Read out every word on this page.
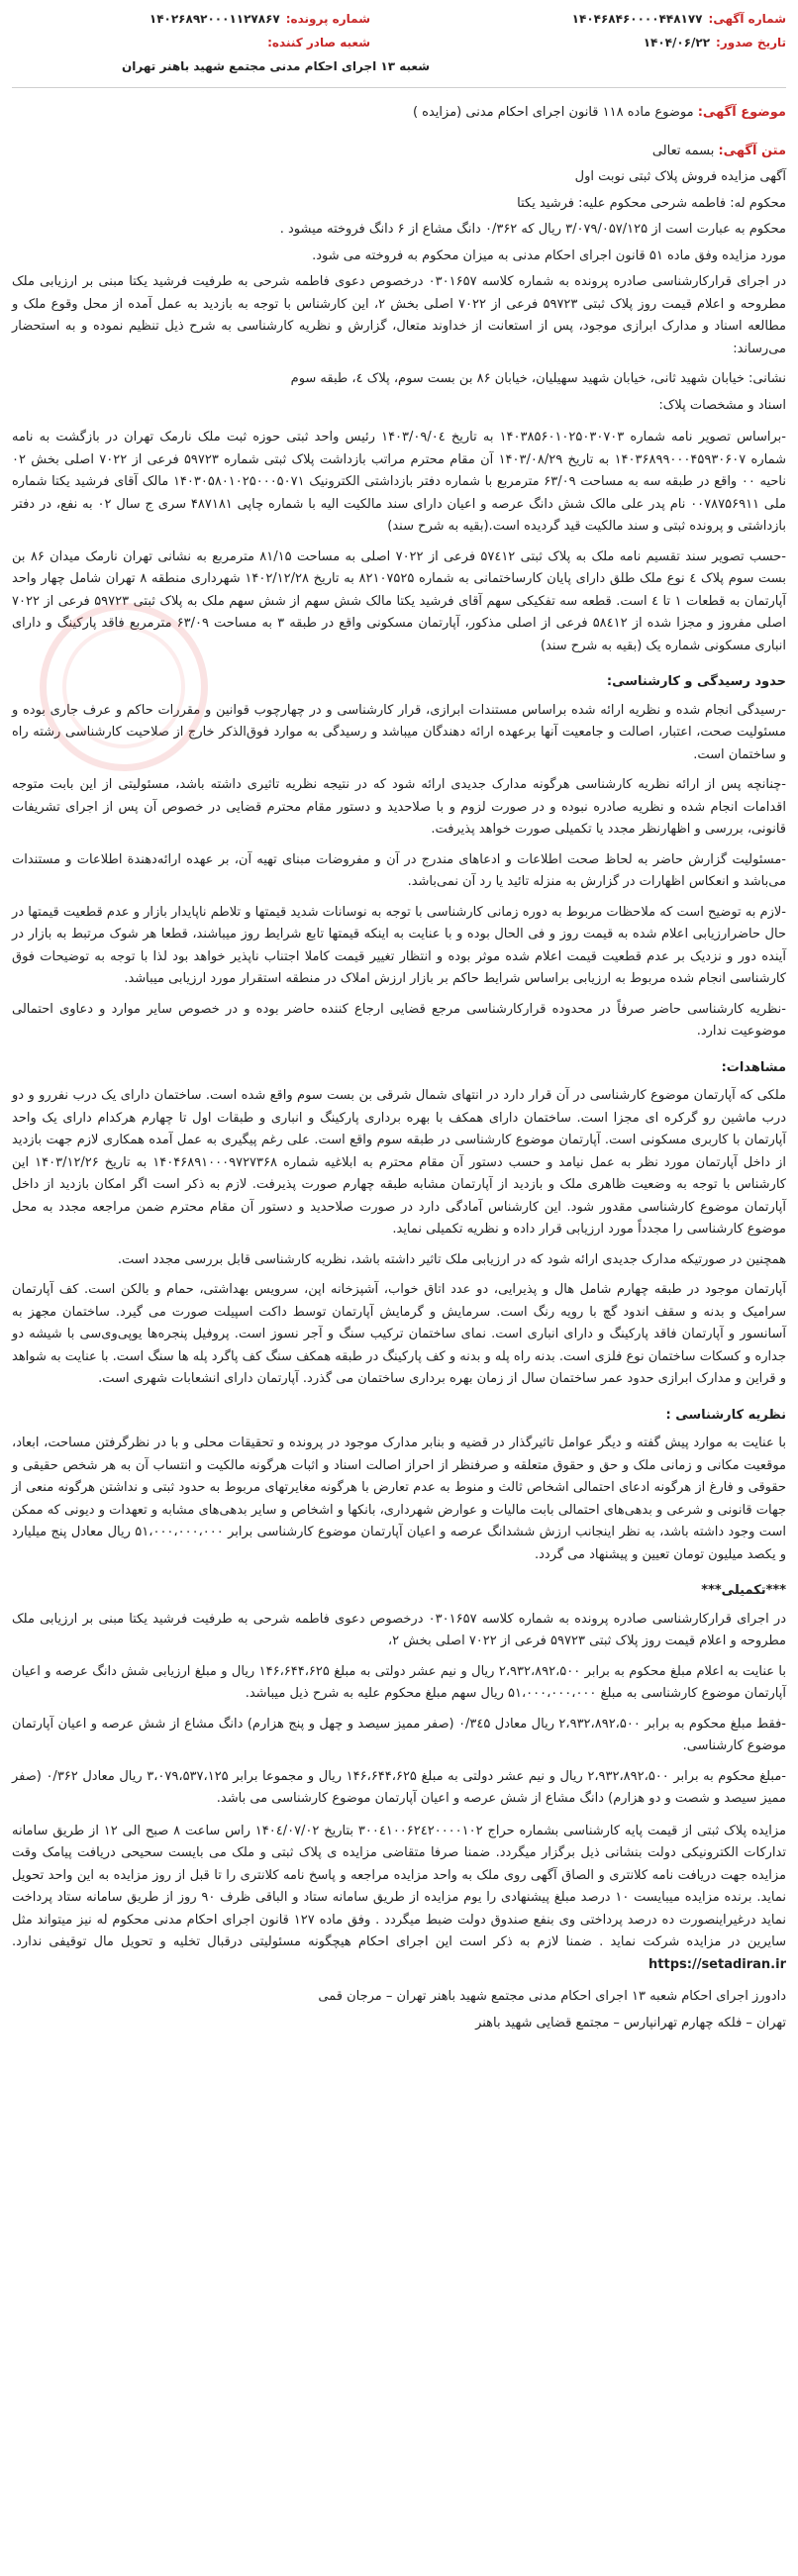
شماره آگهی:
۱۴۰۴۶۸۴۶۰۰۰۰۴۴۸۱۷۷
شماره پرونده:
۱۴۰۲۶۸۹۲۰۰۰۱۱۲۷۸۶۷
تاریخ صدور:
۱۴۰۴/۰۶/۲۲
شعبه صادر کننده:
شعبه ۱۳ اجرای احکام مدنی مجتمع شهید باهنر تهران
موضوع آگهی: موضوع ماده ۱۱۸ قانون اجرای احکام مدنی (مزایده )

متن آگهی: بسمه تعالی

آگهی مزایده فروش پلاک ثبتی نوبت اول

محکوم له: فاطمه شرحی محکوم علیه: فرشید یکتا

محکوم به عبارت است از ۳/۰۷۹/۰۵۷/۱۲۵ ریال که ۰/۳۶۲ دانگ مشاع از ۶ دانگ فروخته میشود .

مورد مزایده وفق ماده ۵۱ قانون اجرای احکام مدنی به میزان محکوم به فروخته می شود.

در اجرای قرارکارشناسی صادره پرونده به شماره کلاسه ۰۳۰۱۶۵۷ درخصوص دعوی فاطمه شرحی به طرفیت فرشید یکتا مبنی بر ارزیابی ملک مطروحه و اعلام قیمت روز پلاک ثبتی ۵۹۷۲۳ فرعی از ۷۰۲۲ اصلی بخش ۲، این کارشناس با توجه به بازدید به عمل آمده از محل وقوع ملک و مطالعه اسناد و مدارک ابرازی موجود، پس از استعانت از خداوند متعال، گزارش و نظریه کارشناسی به شرح ذیل تنظیم نموده و به استحضار می‌رساند:

نشانی: خیابان شهید ثانی، خیابان شهید سهیلیان، خیابان ۸۶ بن بست سوم، پلاک ٤، طبقه سوم

اسناد و مشخصات پلاک:

-براساس تصویر نامه شماره ۱۴۰۳۸۵۶۰۱۰۲۵۰۳۰۷۰۳ به تاریخ ۱۴۰۳/۰۹/۰٤ رئیس واحد ثبتی حوزه ثبت ملک نارمک تهران در بازگشت به نامه شماره ۱۴۰۳۶۸۹۹۰۰۰۴۵۹۳۰۶۰۷ به تاریخ ۱۴۰۳/۰۸/۲۹ آن مقام محترم مراتب بازداشت پلاک ثبتی شماره ۵۹۷۲۳ فرعی از ۷۰۲۲ اصلی بخش ۰۲ ناحیه ۰۰ واقع در طبقه سه به مساحت ۶۳/۰۹ مترمربع با شماره دفتر بازداشتی الکترونیک ۱۴۰۳۰۵۸۰۱۰۲۵۰۰۰۵۰۷۱ مالک آقای فرشید یکتا شماره ملی ۰۰۷۸۷۵۶۹۱۱ نام پدر علی مالک شش دانگ عرصه و اعیان دارای سند مالکیت الیه با شماره چاپی ۴۸۷۱۸۱ سری ج سال ۰۲ به نفع، در دفتر بازداشتی و پرونده ثبتی و سند مالکیت قید گردیده است.(بقیه به شرح سند)

-حسب تصویر سند تقسیم نامه ملک به پلاک ثبتی ۵۷٤۱۲ فرعی از ۷۰۲۲ اصلی به مساحت ۸۱/۱۵ مترمربع به نشانی تهران نارمک میدان ۸۶ بن بست سوم پلاک ٤ نوع ملک طلق دارای پایان کارساختمانی به شماره ۸۲۱۰۷۵۲۵ به تاریخ ۱۴۰۲/۱۲/۲۸ شهرداری منطقه ۸ تهران شامل چهار واحد آپارتمان به قطعات ۱ تا ٤ است. قطعه سه تفکیکی سهم آقای فرشید یکتا مالک شش سهم از شش سهم ملک به پلاک ثبتی ۵۹۷۲۳ فرعی از ۷۰۲۲ اصلی مفروز و مجزا شده از ۵۸٤۱۲ فرعی از اصلی مذکور، آپارتمان مسکونی واقع در طبقه ۳ به مساحت ۶۳/۰۹ مترمربع فاقد پارکینگ و دارای انباری مسکونی شماره یک (بقیه به شرح سند)

حدود رسیدگی و کارشناسی:

-رسیدگی انجام شده و نظریه ارائه شده براساس مستندات ابرازی، قرار کارشناسی و در چهارچوب قوانین و مقررات حاکم و عرف جاری بوده و مسئولیت صحت، اعتبار، اصالت و جامعیت آنها برعهده ارائه دهندگان میباشد و رسیدگی به موارد فوق‌الذکر خارج از صلاحیت کارشناسی رشته راه و ساختمان است.

-چنانچه پس از ارائه نظریه کارشناسی هرگونه مدارک جدیدی ارائه شود که در نتیجه نظریه تاثیری داشته باشد، مسئولیتی از این بابت متوجه اقدامات انجام شده و نظریه صادره نبوده و در صورت لزوم و با صلاحدید و دستور مقام محترم قضایی در خصوص آن پس از اجرای تشریفات قانونی، بررسی و اظهارنظر مجدد یا تکمیلی صورت خواهد پذیرفت.

-مسئولیت گزارش حاضر به لحاظ صحت اطلاعات و ادعاهای مندرج در آن و مفروضات مبنای تهیه آن، بر عهده ارائه‌دهندة اطلاعات و مستندات می‌باشد و انعکاس اظهارات در گزارش به منزله تائید یا رد آن نمی‌باشد.

-لازم به توضیح است که ملاحظات مربوط به دوره زمانی کارشناسی با توجه به نوسانات شدید قیمتها و تلاطم ناپایدار بازار و عدم قطعیت قیمتها در حال حاضرارزیابی اعلام شده به قیمت روز و فی الحال بوده و با عنایت به اینکه قیمتها تابع شرایط روز میباشند، قطعا هر شوک مرتبط به بازار در آینده دور و نزدیک بر عدم قطعیت قیمت اعلام شده موثر بوده و انتظار تغییر قیمت کاملا اجتناب ناپذیر خواهد بود لذا با توجه به توضیحات فوق کارشناسی انجام شده مربوط به ارزیابی براساس شرایط حاکم بر بازار ارزش املاک در منطقه استقرار مورد ارزیابی میباشد.

-نظریه کارشناسی حاضر صرفاً در محدوده قرارکارشناسی مرجع قضایی ارجاع کننده حاضر بوده و در خصوص سایر موارد و دعاوی احتمالی موضوعیت ندارد.

مشاهدات:

ملکی که آپارتمان موضوع کارشناسی در آن قرار دارد در انتهای شمال شرقی بن بست سوم واقع شده است. ساختمان دارای یک درب نفررو و دو درب ماشین رو گرکره ای مجزا است. ساختمان دارای همکف با بهره برداری پارکینگ و انباری و طبقات اول تا چهارم هرکدام دارای یک واحد آپارتمان با کاربری مسکونی است. آپارتمان موضوع کارشناسی در طبقه سوم واقع است. علی رغم پیگیری به عمل آمده همکاری لازم جهت بازدید از داخل آپارتمان مورد نظر به عمل نیامد و حسب دستور آن مقام محترم به ابلاغیه شماره ۱۴۰۴۶۸۹۱۰۰۰۹۷۲۷۳۶۸ به تاریخ ۱۴۰۳/۱۲/۲۶ این کارشناس با توجه به وضعیت ظاهری ملک و بازدید از آپارتمان مشابه طبقه چهارم صورت پذیرفت. لازم به ذکر است اگر امکان بازدید از داخل آپارتمان موضوع کارشناسی مقدور شود. این کارشناس آمادگی دارد در صورت صلاحدید و دستور آن مقام محترم ضمن مراجعه مجدد به محل موضوع کارشناسی را مجدداً مورد ارزیابی قرار داده و نظریه تکمیلی نماید.

همچنین در صورتیکه مدارک جدیدی ارائه شود که در ارزیابی ملک تاثیر داشته باشد، نظریه کارشناسی قابل بررسی مجدد است.

آپارتمان موجود در طبقه چهارم شامل هال و پذیرایی، دو عدد اتاق خواب، آشپزخانه اپن، سرویس بهداشتی، حمام و بالکن است. کف آپارتمان سرامیک و بدنه و سقف اندود گچ با رویه رنگ است. سرمایش و گرمایش آپارتمان توسط داکت اسپیلت صورت می گیرد. ساختمان مجهز به آسانسور و آپارتمان فاقد پارکینگ و دارای انباری است. نمای ساختمان ترکیب سنگ و آجر نسوز است. پروفیل پنجره‌ها یوپی‌وی‌سی با شیشه دو جداره و کسکات ساختمان نوع فلزی است. بدنه راه پله و بدنه و کف پارکینگ در طبقه همکف سنگ کف پاگرد پله ها سنگ است. با عنایت به شواهد و قراین و مدارک ابرازی حدود عمر ساختمان سال از زمان بهره برداری ساختمان می گذرد. آپارتمان دارای انشعابات شهری است.

نظریه کارشناسی :

با عنایت به موارد پیش گفته و دیگر عوامل تاثیرگذار در قضیه و بنابر مدارک موجود در پرونده و تحقیقات محلی و با در نظرگرفتن مساحت، ابعاد، موقعیت مکانی و زمانی ملک و حق و حقوق متعلقه و صرفنظر از احراز اصالت اسناد و اثبات هرگونه مالکیت و انتساب آن به هر شخص حقیقی و حقوقی و فارغ از هرگونه ادعای احتمالی اشخاص ثالث و منوط به عدم تعارض با هرگونه مغایرتهای مربوط به حدود ثبتی و نداشتن هرگونه منعی از جهات قانونی و شرعی و بدهی‌های احتمالی بابت مالیات و عوارض شهرداری، بانکها و اشخاص و سایر بدهی‌های مشابه و تعهدات و دیونی که ممکن است وجود داشته باشد، به نظر اینجانب ارزش ششدانگ عرصه و اعیان آپارتمان موضوع کارشناسی برابر ۵۱،۰۰۰،۰۰۰،۰۰۰ ریال معادل پنج میلیارد و یکصد میلیون تومان تعیین و پیشنهاد می گردد.

***تکمیلی***

در اجرای قرارکارشناسی صادره پرونده به شماره کلاسه ۰۳۰۱۶۵۷ درخصوص دعوی فاطمه شرحی به طرفیت فرشید یکتا مبنی بر ارزیابی ملک مطروحه و اعلام قیمت روز پلاک ثبتی ۵۹۷۲۳ فرعی از ۷۰۲۲ اصلی بخش ۲،

با عنایت به اعلام مبلغ محکوم به برابر ۲،۹۳۲،۸۹۲،۵۰۰ ریال و نیم عشر دولتی به مبلغ ۱۴۶،۶۴۴،۶۲۵ ریال و مبلغ ارزیابی شش دانگ عرصه و اعیان آپارتمان موضوع کارشناسی به مبلغ ۵۱،۰۰۰،۰۰۰،۰۰۰ ریال سهم مبلغ محکوم علیه به شرح ذیل میباشد.

-فقط مبلغ محکوم به برابر ۲،۹۳۲،۸۹۲،۵۰۰ ریال معادل ۰/۳٤۵ (صفر ممیز سیصد و چهل و پنج هزارم) دانگ مشاع از شش عرصه و اعیان آپارتمان موضوع کارشناسی.

-مبلغ محکوم به برابر ۲،۹۳۲،۸۹۲،۵۰۰ ریال و نیم عشر دولتی به مبلغ ۱۴۶،۶۴۴،۶۲۵ ریال و مجموعا برابر ۳،۰۷۹،۵۳۷،۱۲۵ ریال معادل ۰/۳۶۲ (صفر ممیز سیصد و شصت و دو هزارم) دانگ مشاع از شش عرصه و اعیان آپارتمان موضوع کارشناسی می باشد.

مزایده پلاک ثبتی از قیمت پایه کارشناسی بشماره حراج ۳۰۰٤۱۰۰۶۲٤۲۰۰۰۰۱۰۲ بتاریخ ۱۴۰٤/۰۷/۰۲ راس ساعت ۸ صبح الی ۱۲ از طریق سامانه تدارکات الکترونیکی دولت بنشانی ذیل برگزار میگردد. ضمنا صرفا متقاضی مزایده ی پلاک ثبتی و ملک می بایست سحیحی دریافت پیامک وقت مزایده جهت دریافت نامه کلانتری و الصاق آگهی روی ملک به واحد مزایده مراجعه و پاسخ نامه کلانتری را تا قبل از روز مزایده به این واحد تحویل نماید. برنده مزایده میبایست ۱۰ درصد مبلغ پیشنهادی را یوم مزایده از طریق سامانه ستاد و الباقی ظرف ۹۰ روز از طریق سامانه ستاد پرداخت نماید درغیراینصورت ده درصد پرداختی وی بنفع صندوق دولت ضبط میگردد . وفق ماده ۱۲۷ قانون اجرای احکام مدنی محکوم له نیز میتواند مثل سایرین در مزایده شرکت نماید . ضمنا لازم به ذکر است این اجرای احکام هیچگونه مسئولیتی درقبال تخلیه و تحویل مال توقیفی ندارد. https://setadiran.ir

دادورز اجرای احکام شعبه ۱۳ اجرای احکام مدنی مجتمع شهید باهنر تهران – مرجان قمی

تهران – فلکه چهارم تهرانپارس – مجتمع قضایی شهید باهنر
